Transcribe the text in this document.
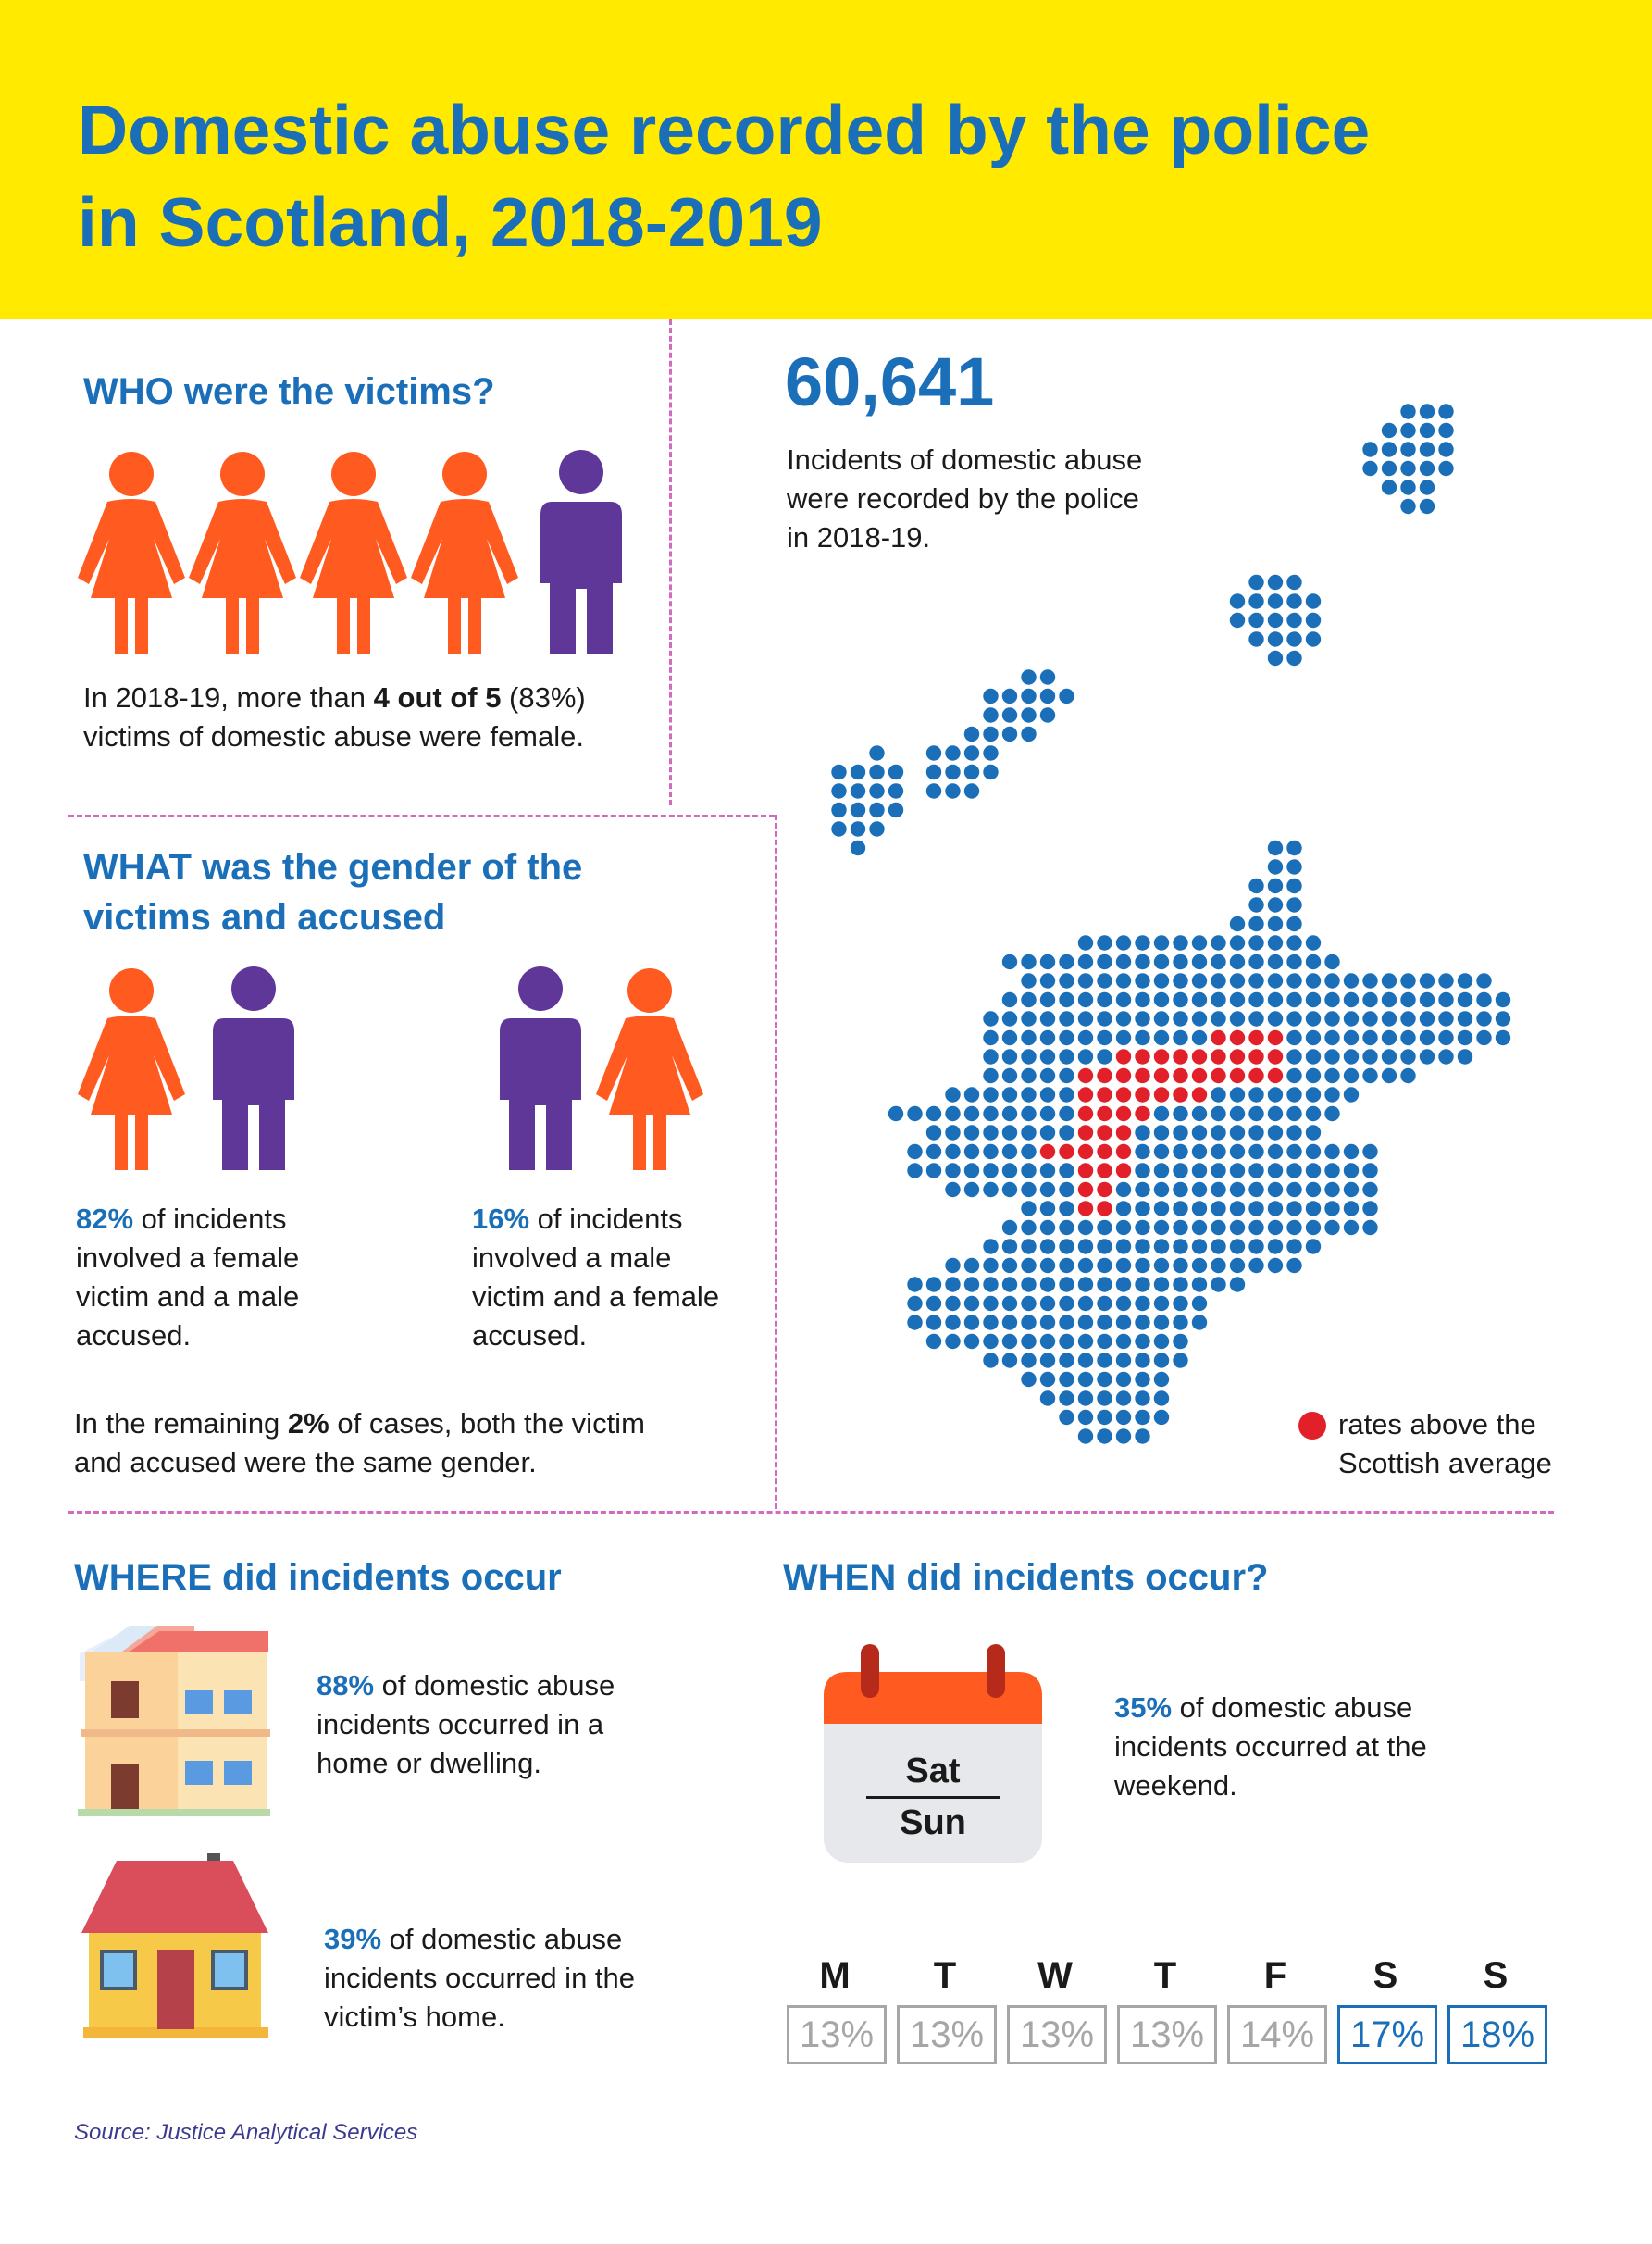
Domestic abuse recorded by the police
in Scotland, 2018-2019
WHO were the victims?
In 2018-19, more than 4 out of 5 (83%)
victims of domestic abuse were female.
WHAT was the gender of the
victims and accused
82% of incidents
involved a female
victim and a male
accused.
16% of incidents
involved a male
victim and a female
accused.
In the remaining 2% of cases, both the victim
and accused were the same gender.
60,641
Incidents of domestic abuse
were recorded by the police
in 2018-19.
rates above the
Scottish average
WHERE did incidents occur
88% of domestic abuse
incidents occurred in a
home or dwelling.
39% of domestic abuse
incidents occurred in the
victim’s home.
WHEN did incidents occur?
Sat
Sun
35% of domestic abuse
incidents occurred at the
weekend.
M	T	W	T	F	S	S
13% 13% 13% 13% 14% 17% 18%
Source: Justice Analytical Services
